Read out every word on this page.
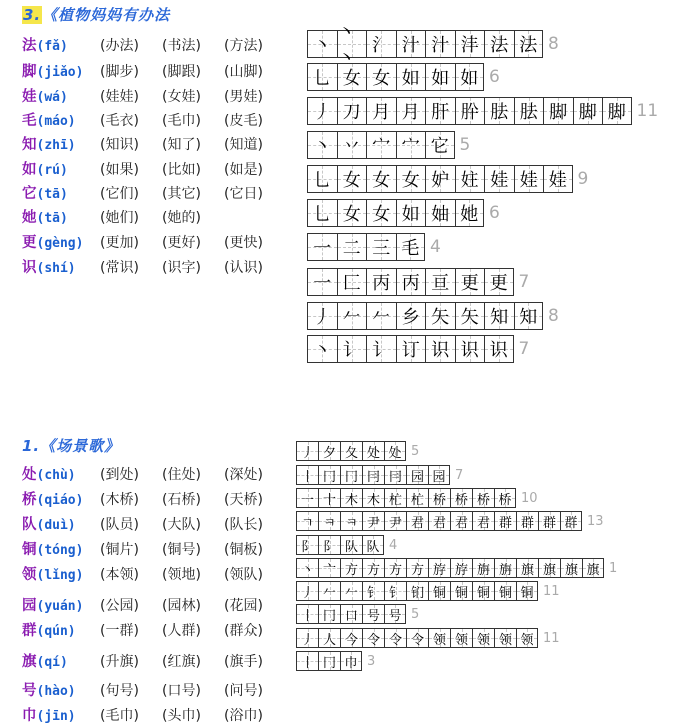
3.《植物妈妈有办法
法(fǎ) (办法) (书法) (方法)
脚(jiǎo) (脚步) (脚跟) (山脚)
娃(wá) (娃娃) (女娃) (男娃)
毛(máo) (毛衣) (毛巾) (皮毛)
知(zhī) (知识) (知了) (知道)
如(rú) (如果) (比如) (如是)
它(tā) (它们) (其它) (它日)
她(tā) (她们) (她的)
更(gèng) (更加) (更好) (更快)
识(shí) (常识) (识字) (认识)
丶
丶丶
氵 汁 汁 沣 法 法 8
乚 女 女 如 如 如 6
丿 刀 月 月 肝 肸 胠 胠 脚 脚 脚 11
丶 丷 宀 宀 它 5
乚 女 女 女 妒 妵 娃 娃 娃 9
乚 女 女 如 妯 她 6
一 二 三 毛 4
一 匚 丙 丙 亘 更 更 7
丿 𠂉 𠂉 乡 矢 矢 知 知 8
丶 讠 讠 订 识 识 识 7
1.《场景歌》
处(chù) (到处) (住处) (深处)
桥(qiáo) (木桥) (石桥) (天桥)
队(duì) (队员) (大队) (队长)
铜(tóng) (铜片) (铜号) (铜板)
领(lǐng) (本领) (领地) (领队)
园(yuán) (公园) (园林) (花园)
群(qún) (一群) (人群) (群众)
旗(qí) (升旗) (红旗) (旗手)
号(hào) (句号) (口号) (问号)
巾(jīn) (毛巾) (头巾) (浴巾)
丿 夕 夂 处 处 5
丨 冂 冂 冃 冃 园 园 7
一 十 木 木 杧 杧 桥 桥 桥 桥 10
ㄱ ㅋ ㅋ 尹 尹 君 君 君 君 群 群 群 群 13
阝 阝 队 队 4
丶 亠 方 方 方 方 斿 斿 旃 旃 旗 旗 旗 旗 1
丿 𠂉 𠂉 钅 钅 钔 铜 铜 铜 铜 铜 11
丨 冂 口 号 号 5
丿 人 今 令 令 令 领 领 领 领 领 11
丨 冂 巾 3
